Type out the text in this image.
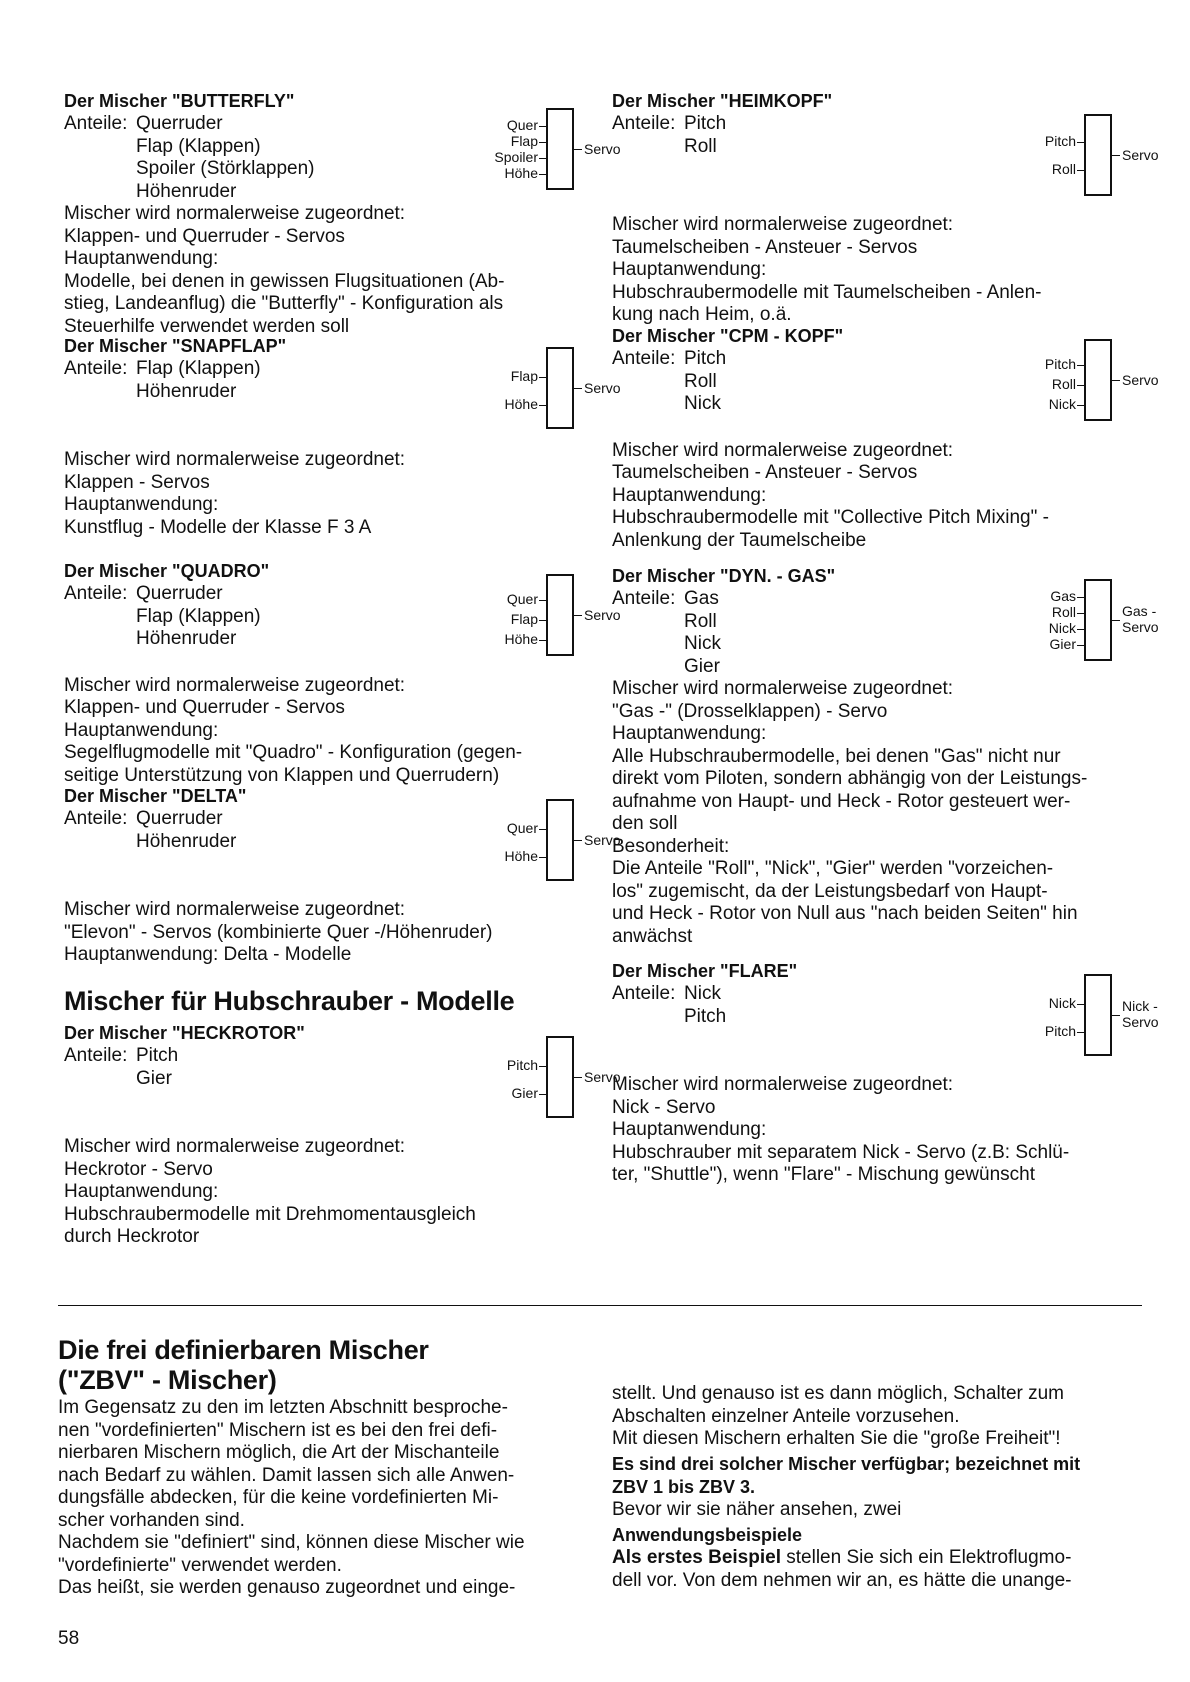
Der Mischer "BUTTERFLY"

Anteile: Querruder
Flap (Klappen)
Spoiler (Störklappen)
Höhenruder
Quer
Flap
Spoiler
Höhe
Servo
Mischer wird normalerweise zugeordnet:
Klappen- und Querruder - Servos
Hauptanwendung:
Modelle, bei denen in gewissen Flugsituationen (Ab-
stieg, Landeanflug) die "Butterfly" - Konfiguration als
Steuerhilfe verwendet werden soll

Der Mischer "SNAPFLAP"

Anteile: Flap (Klappen)
Höhenruder
Flap
Höhe
Servo
Mischer wird normalerweise zugeordnet:
Klappen - Servos
Hauptanwendung:
Kunstflug - Modelle der Klasse F 3 A

Der Mischer "QUADRO"

Anteile: Querruder
Flap (Klappen)
Höhenruder
Quer
Flap
Höhe
Servo
Mischer wird normalerweise zugeordnet:
Klappen- und Querruder - Servos
Hauptanwendung:
Segelflugmodelle mit "Quadro" - Konfiguration (gegen-
seitige Unterstützung von Klappen und Querrudern)

Der Mischer "DELTA"

Anteile: Querruder
Höhenruder
Quer
Höhe
Servo
Mischer wird normalerweise zugeordnet:
"Elevon" - Servos (kombinierte Quer -/Höhenruder)
Hauptanwendung: Delta - Modelle

Mischer für Hubschrauber - Modelle

Der Mischer "HECKROTOR"

Anteile: Pitch
Gier
Pitch
Gier
Servo
Mischer wird normalerweise zugeordnet:
Heckrotor - Servo
Hauptanwendung:
Hubschraubermodelle mit Drehmomentausgleich
durch Heckrotor

Der Mischer "HEIMKOPF"

Anteile: Pitch
Roll	Pitch
Roll
Servo
Mischer wird normalerweise zugeordnet:
Taumelscheiben - Ansteuer - Servos
Hauptanwendung:
Hubschraubermodelle mit Taumelscheiben - Anlen-
kung nach Heim, o.ä.

Der Mischer "CPM - KOPF"

Anteile: Pitch
Roll
Nick
Pitch
Roll
Nick
Servo
Mischer wird normalerweise zugeordnet:
Taumelscheiben - Ansteuer - Servos
Hauptanwendung:
Hubschraubermodelle mit "Collective Pitch Mixing" -
Anlenkung der Taumelscheibe

Der Mischer "DYN. - GAS"

Anteile: Gas
Roll
Nick
Gier
Gas
Roll
Nick
Gier
Gas -
Servo
Mischer wird normalerweise zugeordnet:
"Gas -" (Drosselklappen) - Servo
Hauptanwendung:
Alle Hubschraubermodelle, bei denen "Gas" nicht nur
direkt vom Piloten, sondern abhängig von der Leistungs-
aufnahme von Haupt- und Heck - Rotor gesteuert wer-
den soll
Besonderheit:
Die Anteile "Roll", "Nick", "Gier" werden "vorzeichen-
los" zugemischt, da der Leistungsbedarf von Haupt-
und Heck - Rotor von Null aus "nach beiden Seiten" hin
anwächst

Der Mischer "FLARE"

Anteile: Nick
Pitch
Nick
Pitch
Nick -
Servo
Mischer wird normalerweise zugeordnet:
Nick - Servo
Hauptanwendung:
Hubschrauber mit separatem Nick - Servo (z.B: Schlü-
ter, "Shuttle"), wenn "Flare" - Mischung gewünscht

Die frei definierbaren Mischer

("ZBV" - Mischer)

Im Gegensatz zu den im letzten Abschnitt besproche-
nen "vordefinierten" Mischern ist es bei den frei defi-
nierbaren Mischern möglich, die Art der Mischanteile
nach Bedarf zu wählen. Damit lassen sich alle Anwen-
dungsfälle abdecken, für die keine vordefinierten Mi-
scher vorhanden sind.
Nachdem sie "definiert" sind, können diese Mischer wie
"vordefinierte" verwendet werden.
Das heißt, sie werden genauso zugeordnet und einge-
stellt. Und genauso ist es dann möglich, Schalter zum
Abschalten einzelner Anteile vorzusehen.
Mit diesen Mischern erhalten Sie die "große Freiheit"!
Es sind drei solcher Mischer verfügbar; bezeichnet mit
ZBV 1 bis ZBV 3.
Bevor wir sie näher ansehen, zwei
Anwendungsbeispiele
Als erstes Beispiel stellen Sie sich ein Elektroflugmo-
dell vor. Von dem nehmen wir an, es hätte die unange-
58
